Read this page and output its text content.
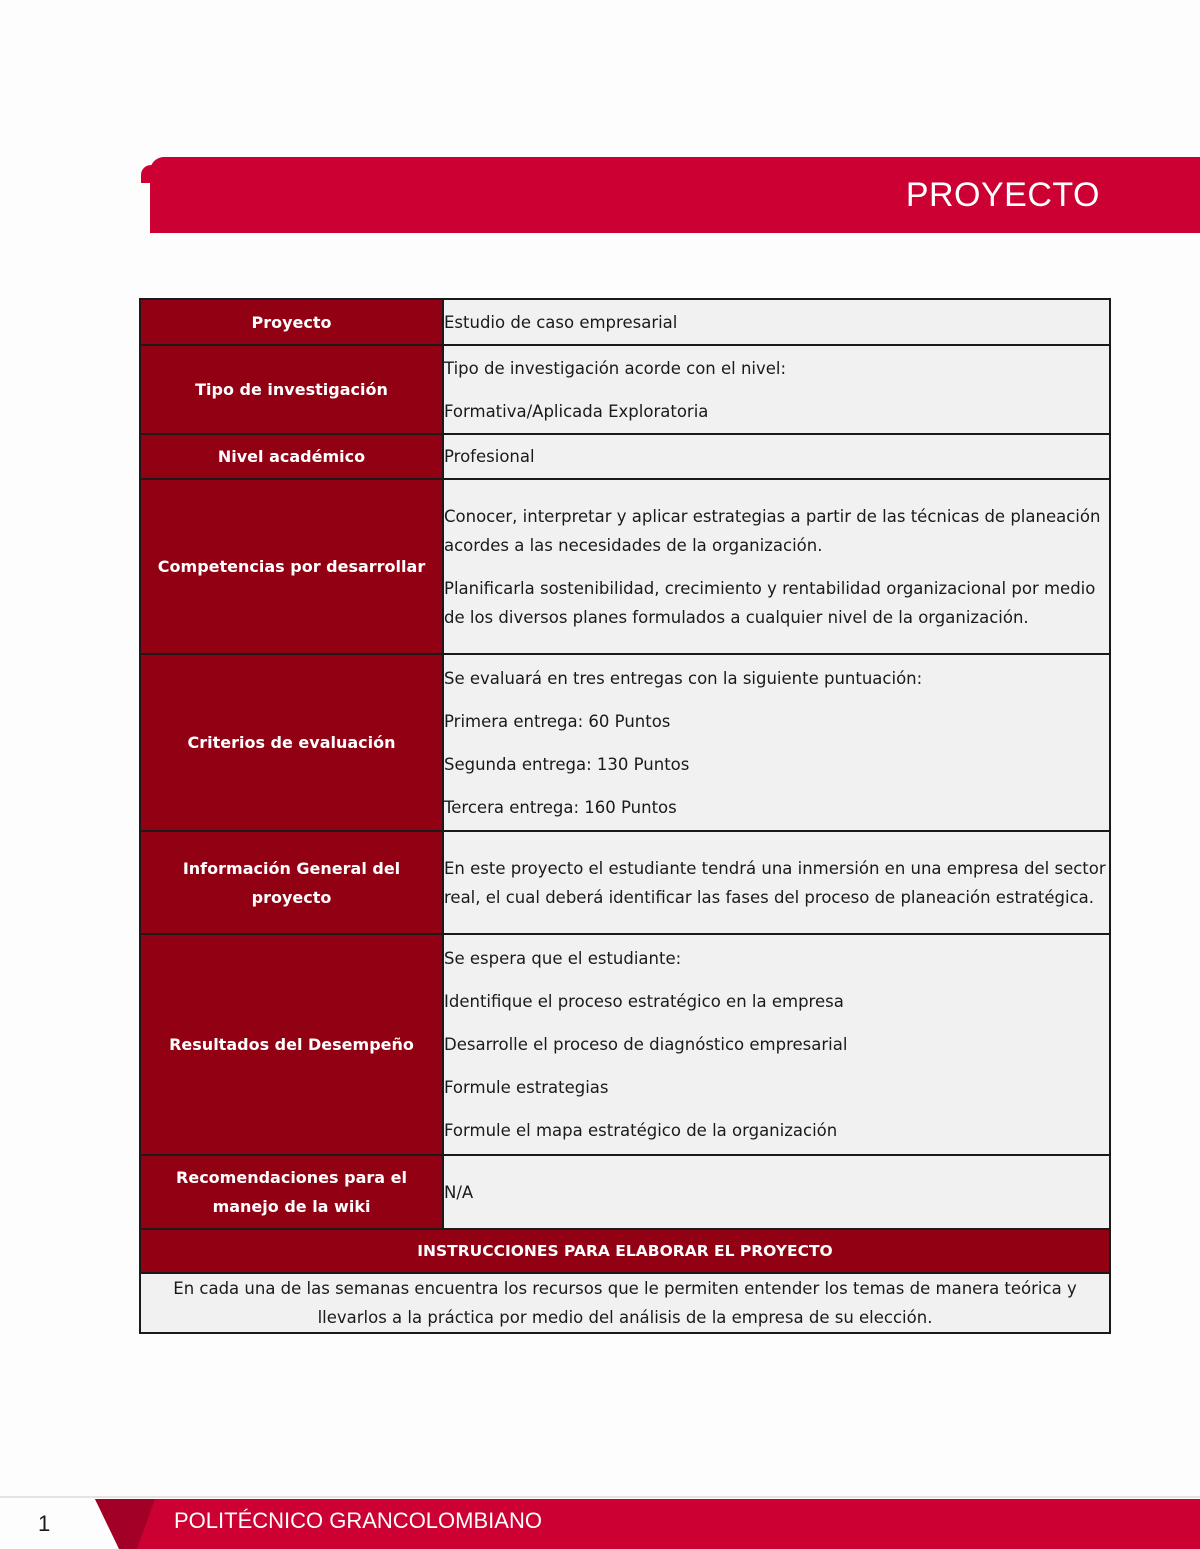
PROYECTO
Proyecto	Estudio de caso empresarial

Tipo de investigación	Tipo de investigación acorde con el nivel:

Formativa/Aplicada Exploratoria

Nivel académico	Profesional

Competencias por desarrollar	Conocer, interpretar y aplicar estrategias a partir de las técnicas de planeación acordes a las necesidades de la organización.

Planificarla sostenibilidad, crecimiento y rentabilidad organizacional por medio de los diversos planes formulados a cualquier nivel de la organización.

Criterios de evaluación	Se evaluará en tres entregas con la siguiente puntuación:

Primera entrega: 60 Puntos

Segunda entrega: 130 Puntos

Tercera entrega: 160 Puntos

Información General del proyecto	En este proyecto el estudiante tendrá una inmersión en una empresa del sector real, el cual deberá identificar las fases del proceso de planeación estratégica.

Resultados del Desempeño	Se espera que el estudiante:

Identifique el proceso estratégico en la empresa

Desarrolle el proceso de diagnóstico empresarial

Formule estrategias

Formule el mapa estratégico de la organización

Recomendaciones para el manejo de la wiki	N/A

INSTRUCCIONES PARA ELABORAR EL PROYECTO	
En cada una de las semanas encuentra los recursos que le permiten entender los temas de manera teórica y llevarlos a la práctica por medio del análisis de la empresa de su elección.	
1	POLITÉCNICO GRANCOLOMBIANO
